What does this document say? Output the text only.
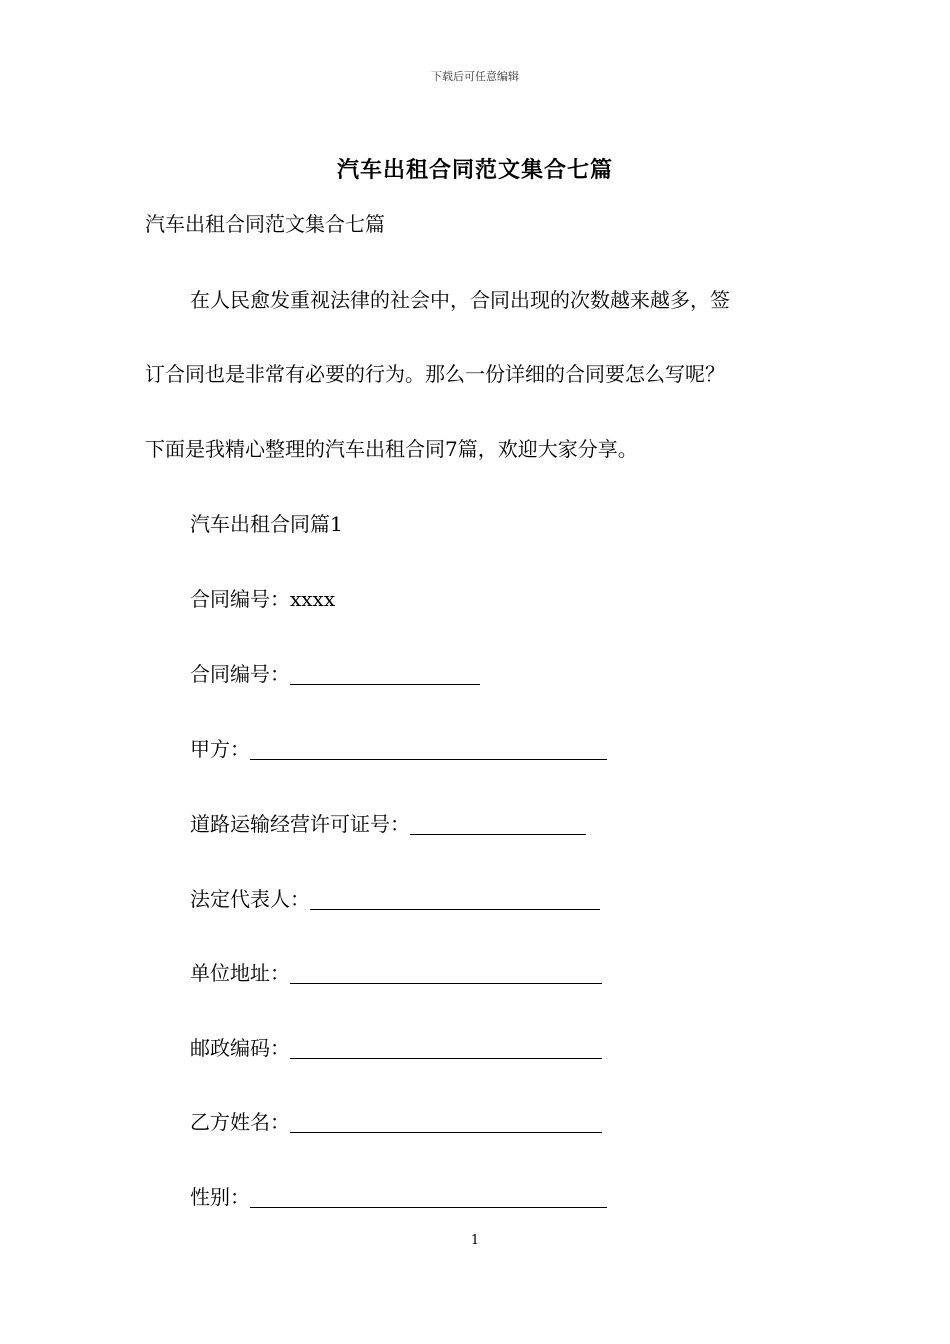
下载后可任意编辑
汽车出租合同范文集合七篇
汽车出租合同范文集合七篇
在人民愈发重视法律的社会中，合同出现的次数越来越多，签
订合同也是非常有必要的行为。那么一份详细的合同要怎么写呢？
下面是我精心整理的汽车出租合同7篇，欢迎大家分享。
汽车出租合同篇1
合同编号： xxxx
合同编号：
甲方：
道路运输经营许可证号：
法定代表人：
单位地址：
邮政编码：
乙方姓名：
性别：
1
